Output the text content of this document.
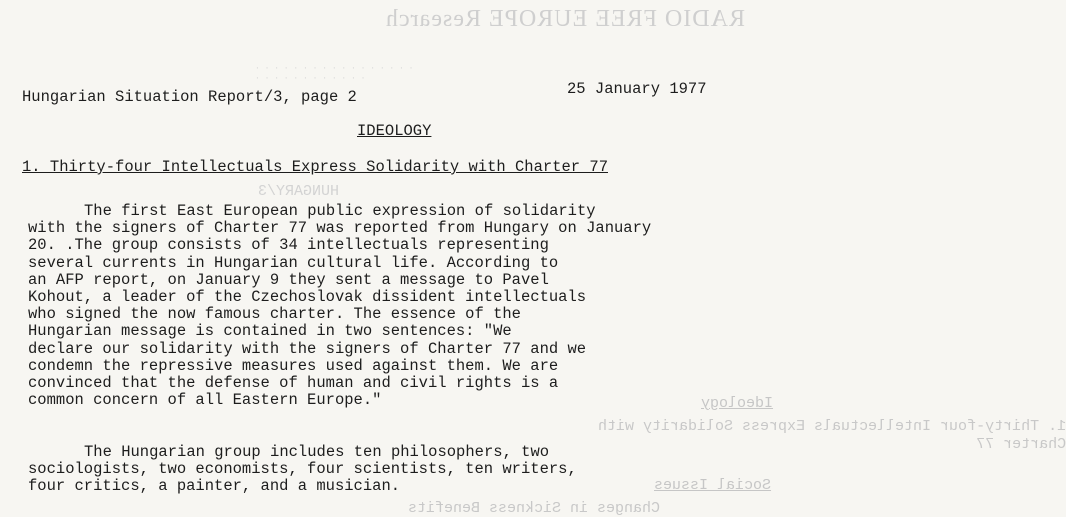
RADIO FREE EUROPE Research
· · · · · · · · · · · · · · · · ·
· · · · · · · · · · · ·
HUNGARY/3
Ideology
1. Thirty-four Intellectuals Express Solidarity with
Charter 77
Social Issues
Changes in Sickness Benefits
Hungarian Situation Report/3, page 2	25 January 1977
IDEOLOGY
1. Thirty-four Intellectuals Express Solidarity with Charter 77
The first East European public expression of solidarity
with the signers of Charter 77 was reported from Hungary on January
20. .The group consists of 34 intellectuals representing
several currents in Hungarian cultural life. According to
an AFP report, on January 9 they sent a message to Pavel
Kohout, a leader of the Czechoslovak dissident intellectuals
who signed the now famous charter. The essence of the
Hungarian message is contained in two sentences: "We
declare our solidarity with the signers of Charter 77 and we
condemn the repressive measures used against them. We are
convinced that the defense of human and civil rights is a
common concern of all Eastern Europe."
The Hungarian group includes ten philosophers, two
sociologists, two economists, four scientists, ten writers,
four critics, a painter, and a musician.
